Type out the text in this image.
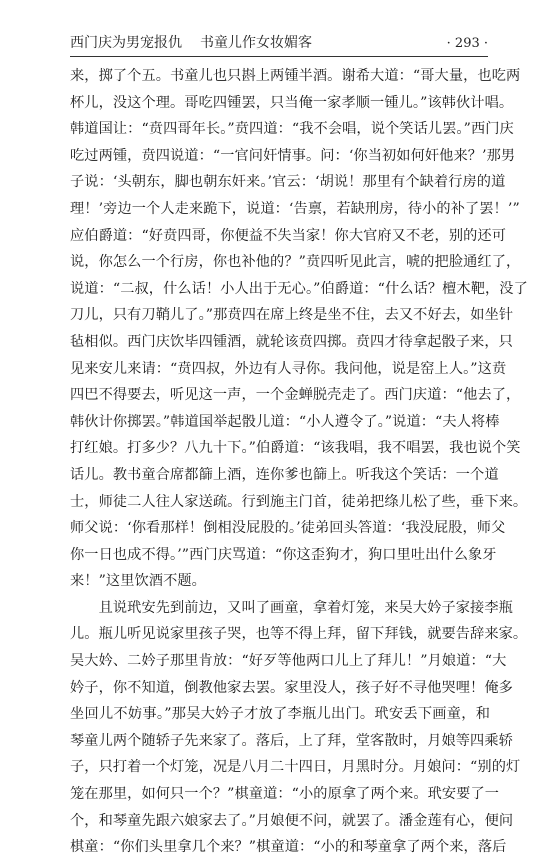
西门庆为男宠报仇 书童儿作女妆媚客	· 293 ·

来，掷了个五。书童儿也只斟上两锺半酒。谢希大道：“哥大量，也吃两
杯儿，没这个理。哥吃四锺罢，只当俺一家孝顺一锺儿。”该韩伙计唱。
韩道国让：“贲四哥年长。”贲四道：“我不会唱，说个笑话儿罢。”西门庆
吃过两锺，贲四说道：“一官问奸情事。问：‘你当初如何奸他来？’那男
子说：‘头朝东，脚也朝东奸来。’官云：‘胡说！那里有个缺着行房的道
理！’旁边一个人走来跪下，说道：‘告禀，若缺刑房，待小的补了罢！’”
应伯爵道：“好贲四哥，你便益不失当家！你大官府又不老，别的还可
说，你怎么一个行房，你也补他的？”贲四听见此言，唬的把脸通红了，
说道：“二叔，什么话！小人出于无心。”伯爵道：“什么话？檀木靶，没了
刀儿，只有刀鞘儿了。”那贲四在席上终是坐不住，去又不好去，如坐针
毡相似。西门庆饮毕四锺酒，就轮该贲四掷。贲四才待拿起骰子来，只
见来安儿来请：“贲四叔，外边有人寻你。我问他，说是窑上人。”这贲
四巴不得要去，听见这一声，一个金蝉脱壳走了。西门庆道：“他去了，
韩伙计你掷罢。”韩道国举起骰儿道：“小人遵令了。”说道：“夫人将棒
打红娘。打多少？八九十下。”伯爵道：“该我唱，我不唱罢，我也说个笑
话儿。教书童合席都篩上酒，连你爹也篩上。听我这个笑话：一个道
士，师徒二人往人家送疏。行到施主门首，徒弟把绦儿松了些，垂下来。
师父说：‘你看那样！倒相没屁股的。’徒弟回头答道：‘我没屁股，师父
你一日也成不得。’”西门庆骂道：“你这歪狗才，狗口里吐出什么象牙
来！”这里饮酒不题。

　　且说玳安先到前边，又叫了画童，拿着灯笼，来吴大妗子家接李瓶
儿。瓶儿听见说家里孩子哭，也等不得上拜，留下拜钱，就要告辞来家。
吴大妗、二妗子那里肯放：“好歹等他两口儿上了拜儿！”月娘道：“大
妗子，你不知道，倒教他家去罢。家里没人，孩子好不寻他哭哩！俺多
坐回儿不妨事。”那吴大妗子才放了李瓶儿出门。玳安丢下画童，和
琴童儿两个随轿子先来家了。落后，上了拜，堂客散时，月娘等四乘轿
子，只打着一个灯笼，况是八月二十四日，月黑时分。月娘问：“别的灯
笼在那里，如何只一个？”棋童道：“小的原拿了两个来。玳安要了一
个，和琴童先跟六娘家去了。”月娘便不问，就罢了。潘金莲有心，便问
棋童：“你们头里拿几个来？”棋童道：“小的和琴童拿了两个来，落后
